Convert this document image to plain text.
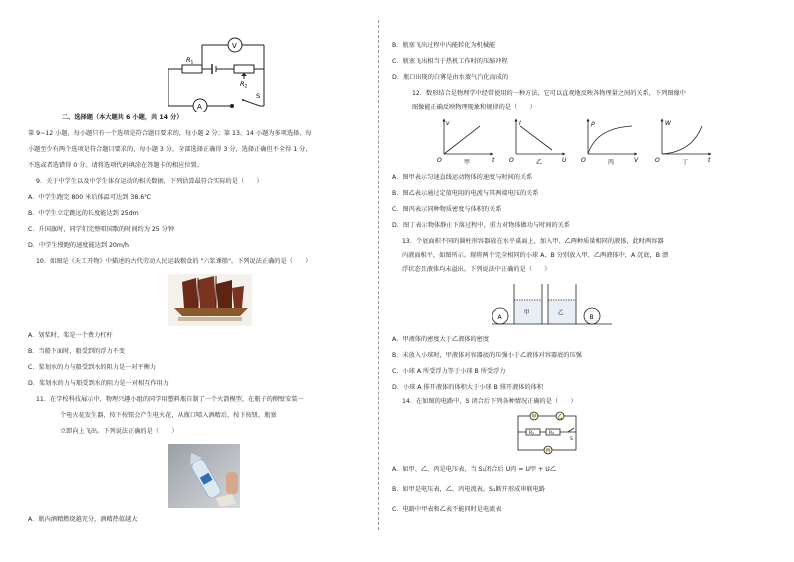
V
A
R 1
R 2
S
二、选择题（本大题共 6 小题，共 14 分）
第 9~12 小题，每小题只有一个选项是符合题目要求的，每小题 2 分；第 13、14 小题为多项选择，每
小题至少有两个选项是符合题目要求的，每小题 3 分，全部选择正确得 3 分，选择正确但不全得 1 分，
不选或者选错得 0 分。请将选项代码填涂在答题卡的相应位置。
9．关于中学生以及中学生体育运动的相关数据，下列估算最符合实际的是（　　）
A．中学生跑完 800 米后体温可达到 38.6℃
B．中学生立定跳远的长度能达到 25dm
C．升国旗时，同学们完整唱国歌的时间约为 25 分钟
D．中学生慢跑的速度能达到 20m/h
10．如图是《天工开物》中描述的古代劳动人民运载粮食的 "六浆课船"。下列说法正确的是（　　）
A．划桨时，桨是一个费力杠杆
B．当船下面时，船受到的浮力不变
C．桨划水的力与船受到水的阻力是一对平衡力
D．桨划水的力与船受到水的阻力是一对相互作用力
11．在学校科技展示中，物理兴趣小组的同学用塑料瓶自制了一个火箭模型，在瓶子的侧壁安装一
个电火花发生器，按下按钮会产生电火花，从瓶口喷入酒精后，按下按钮，瓶塞
立即向上飞出。下列说法正确的是（　　）
A．瓶内酒精燃烧越充分，酒精热值越大
B．瓶塞飞出过程中内能转化为机械能
C．瓶塞飞出相当于热机工作时的压缩冲程
D．瓶口出现的白雾是由水蒸气汽化而成的
12．数形结合是物理学中经常使用的一种方法，它可以直观地反映各物理量之间的关系，下列图像中
图像能正确反映物理现象和规律的是（　　）
v
t
O	甲
I
U
O	乙
ρ
V
O	丙
W
t
O	丁
A．图甲表示匀速直线运动物体的速度与时间的关系
B．图乙表示通过定值电阻的电流与其两端电压的关系
C．图丙表示同种物质密度与体积的关系
D．图丁表示物体静止下落过程中，重力对物体做功与时间的关系
13．个底面积不同的圆柱形容器放在水平桌面上，加入甲、乙两种质量相同的液体，此时两容器
内液面相平，如图所示。现将两个完全相同的小球 A、B 分别放入甲、乙两液体中，A 沉底，B 漂
浮状态且液体均未溢出。下列说法中正确的是（　　）
A	B
甲	乙
A．甲液体的密度大于乙液体的密度
B．未放入小球时，甲液体对容器底的压强小于乙液体对容器底的压强
C．小球 A 所受浮力等于小球 B 所受浮力
D．小球 A 排开液体的体积大于小球 B 排开液体的体积
14．在如图的电路中，S 闭合后下列各种情况正确的是（　　）
甲	乙
丙
R₁	R₂
S
A．如甲、乙、丙是电压表，当 S₁闭合后 U丙 = U甲 + U乙
B．如甲是电压表，乙、丙电流表，S₁断开形成串联电路
C．电路中甲表和乙表不能同时是电流表
